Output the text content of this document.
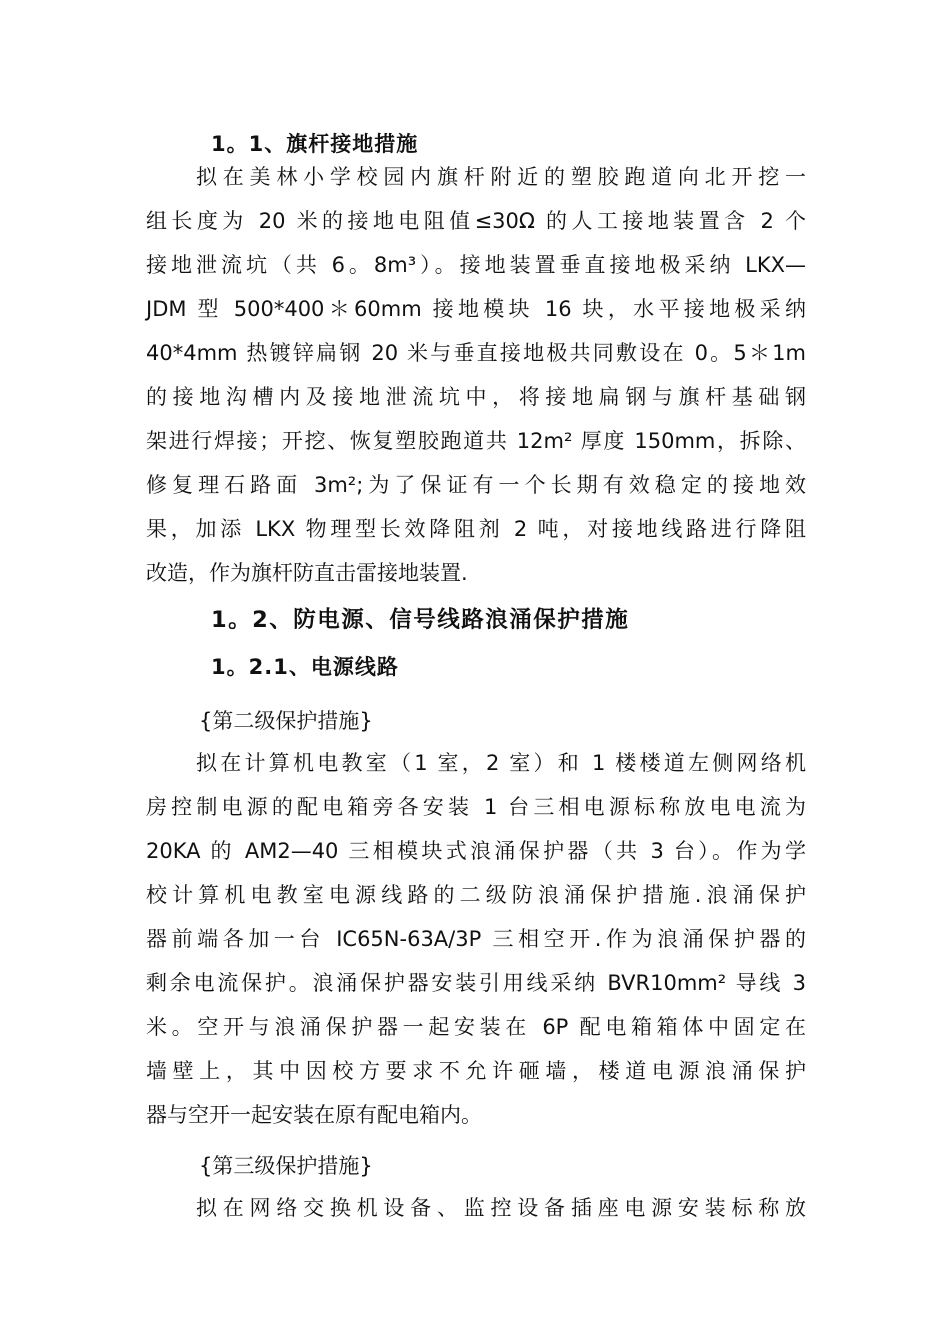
1。1、旗杆接地措施
拟在美林小学校园内旗杆附近的塑胶跑道向北开挖一
组长度为 20 米的接地电阻值≤30Ω 的人工接地装置含 2 个
接地泄流坑（共 6。8m³）。接地装置垂直接地极采纳 LKX—
JDM 型 500*400＊60mm 接地模块 16 块，水平接地极采纳
40*4mm 热镀锌扁钢 20 米与垂直接地极共同敷设在 0。5＊1m
的接地沟槽内及接地泄流坑中，将接地扁钢与旗杆基础钢
架进行焊接；开挖、恢复塑胶跑道共 12m² 厚度 150mm，拆除、
修复理石路面 3m²;为了保证有一个长期有效稳定的接地效
果，加添 LKX 物理型长效降阻剂 2 吨，对接地线路进行降阻
改造，作为旗杆防直击雷接地装置.
1。2、防电源、信号线路浪涌保护措施
1。2.1、电源线路
{第二级保护措施}
拟在计算机电教室（1 室，2 室）和 1 楼楼道左侧网络机
房控制电源的配电箱旁各安装 1 台三相电源标称放电电流为
20KA 的 AM2—40 三相模块式浪涌保护器（共 3 台）。作为学
校计算机电教室电源线路的二级防浪涌保护措施.浪涌保护
器前端各加一台 IC65N-63A/3P 三相空开.作为浪涌保护器的
剩余电流保护。浪涌保护器安装引用线采纳 BVR10mm² 导线 3
米。空开与浪涌保护器一起安装在 6P 配电箱箱体中固定在
墙壁上，其中因校方要求不允许砸墙，楼道电源浪涌保护
器与空开一起安装在原有配电箱内。
{第三级保护措施}
拟在网络交换机设备、监控设备插座电源安装标称放
